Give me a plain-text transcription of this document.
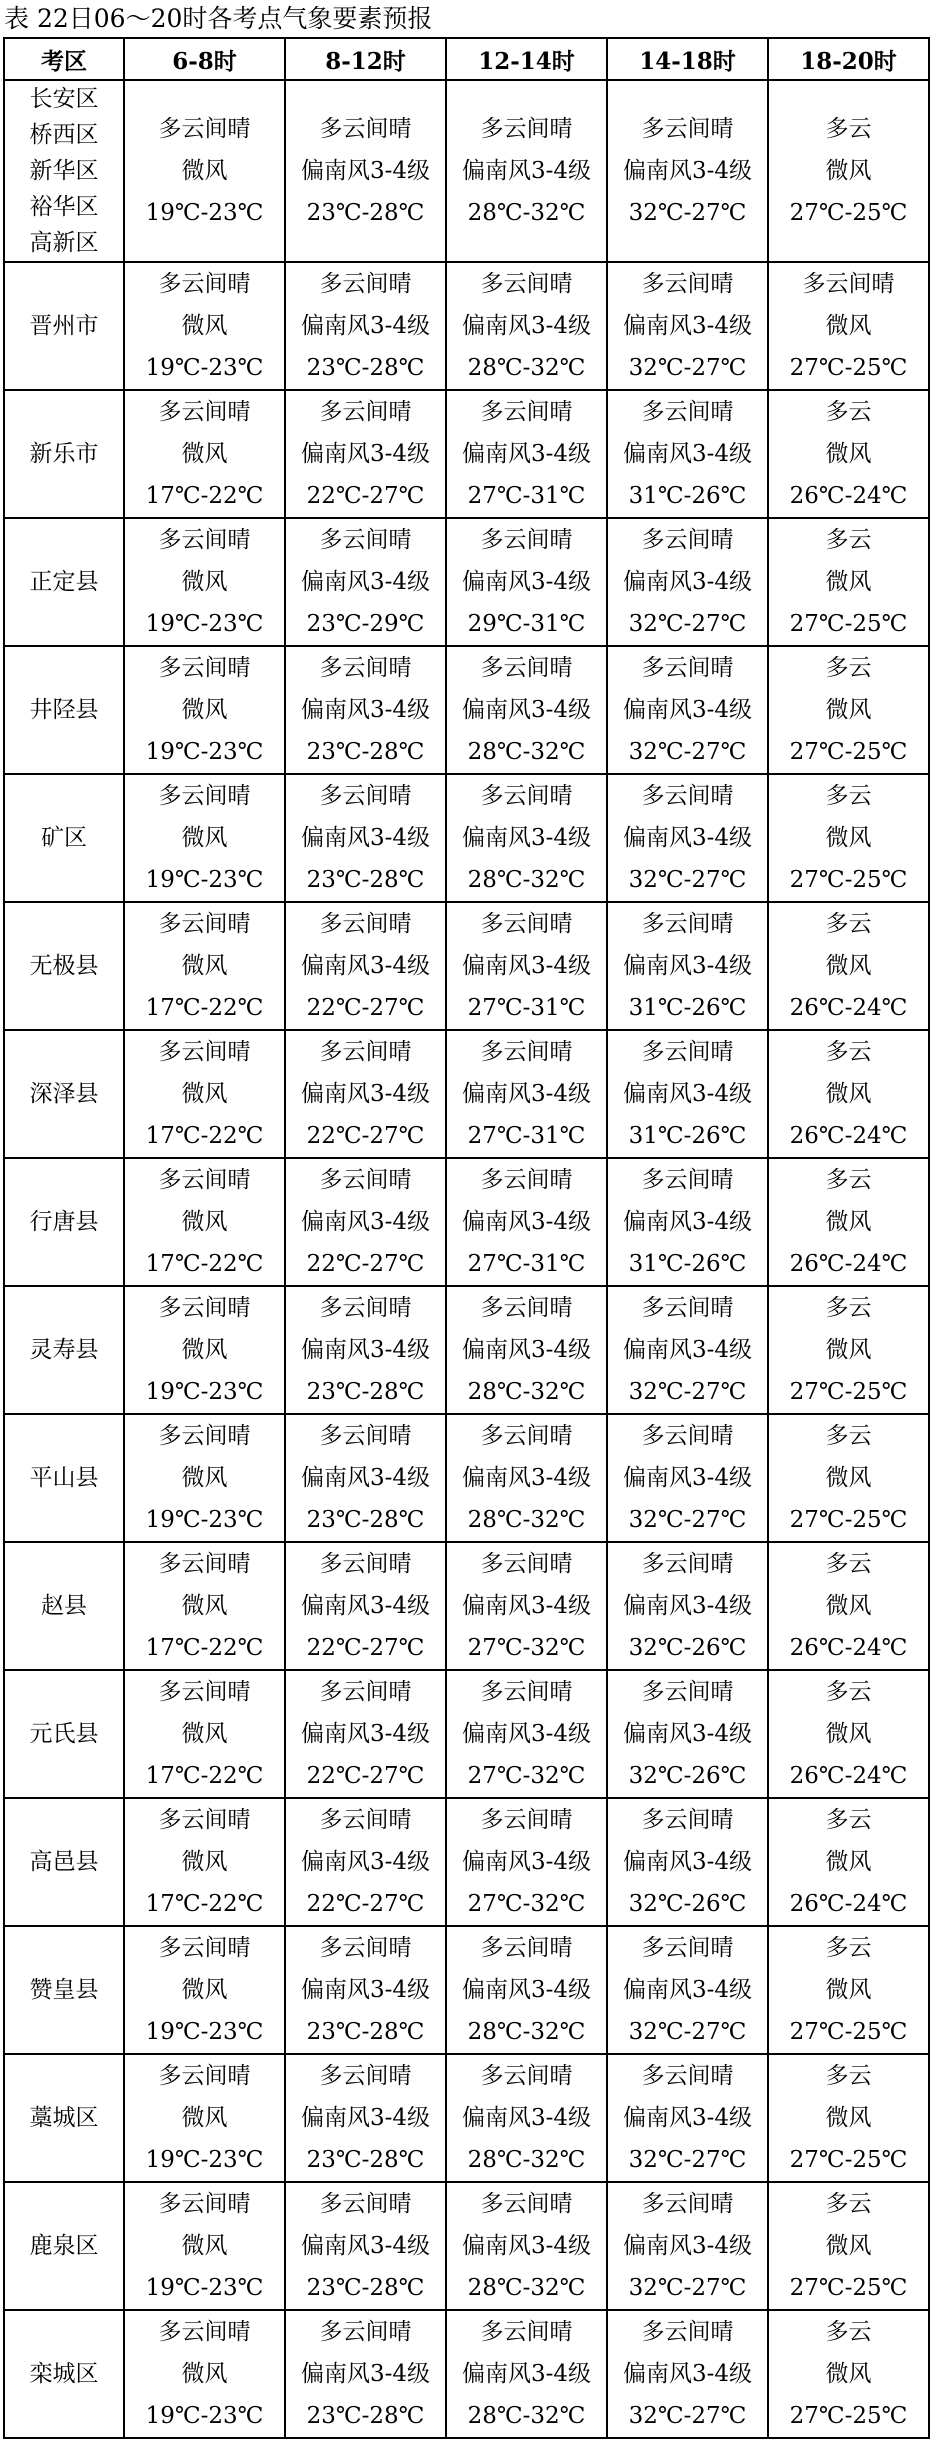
表 22日06～20时各考点气象要素预报
考区	6-8时	8-12时	12-14时	14-18时	18-20时

长安区
桥西区
新华区
裕华区
高新区	多云间晴
微风
19℃-23℃	多云间晴
偏南风3-4级
23℃-28℃	多云间晴
偏南风3-4级
28℃-32℃	多云间晴
偏南风3-4级
32℃-27℃	多云
微风
27℃-25℃

晋州市	多云间晴
微风
19℃-23℃	多云间晴
偏南风3-4级
23℃-28℃	多云间晴
偏南风3-4级
28℃-32℃	多云间晴
偏南风3-4级
32℃-27℃	多云间晴
微风
27℃-25℃

新乐市	多云间晴
微风
17℃-22℃	多云间晴
偏南风3-4级
22℃-27℃	多云间晴
偏南风3-4级
27℃-31℃	多云间晴
偏南风3-4级
31℃-26℃	多云
微风
26℃-24℃

正定县	多云间晴
微风
19℃-23℃	多云间晴
偏南风3-4级
23℃-29℃	多云间晴
偏南风3-4级
29℃-31℃	多云间晴
偏南风3-4级
32℃-27℃	多云
微风
27℃-25℃

井陉县	多云间晴
微风
19℃-23℃	多云间晴
偏南风3-4级
23℃-28℃	多云间晴
偏南风3-4级
28℃-32℃	多云间晴
偏南风3-4级
32℃-27℃	多云
微风
27℃-25℃

矿区	多云间晴
微风
19℃-23℃	多云间晴
偏南风3-4级
23℃-28℃	多云间晴
偏南风3-4级
28℃-32℃	多云间晴
偏南风3-4级
32℃-27℃	多云
微风
27℃-25℃

无极县	多云间晴
微风
17℃-22℃	多云间晴
偏南风3-4级
22℃-27℃	多云间晴
偏南风3-4级
27℃-31℃	多云间晴
偏南风3-4级
31℃-26℃	多云
微风
26℃-24℃

深泽县	多云间晴
微风
17℃-22℃	多云间晴
偏南风3-4级
22℃-27℃	多云间晴
偏南风3-4级
27℃-31℃	多云间晴
偏南风3-4级
31℃-26℃	多云
微风
26℃-24℃

行唐县	多云间晴
微风
17℃-22℃	多云间晴
偏南风3-4级
22℃-27℃	多云间晴
偏南风3-4级
27℃-31℃	多云间晴
偏南风3-4级
31℃-26℃	多云
微风
26℃-24℃

灵寿县	多云间晴
微风
19℃-23℃	多云间晴
偏南风3-4级
23℃-28℃	多云间晴
偏南风3-4级
28℃-32℃	多云间晴
偏南风3-4级
32℃-27℃	多云
微风
27℃-25℃

平山县	多云间晴
微风
19℃-23℃	多云间晴
偏南风3-4级
23℃-28℃	多云间晴
偏南风3-4级
28℃-32℃	多云间晴
偏南风3-4级
32℃-27℃	多云
微风
27℃-25℃

赵县	多云间晴
微风
17℃-22℃	多云间晴
偏南风3-4级
22℃-27℃	多云间晴
偏南风3-4级
27℃-32℃	多云间晴
偏南风3-4级
32℃-26℃	多云
微风
26℃-24℃

元氏县	多云间晴
微风
17℃-22℃	多云间晴
偏南风3-4级
22℃-27℃	多云间晴
偏南风3-4级
27℃-32℃	多云间晴
偏南风3-4级
32℃-26℃	多云
微风
26℃-24℃

高邑县	多云间晴
微风
17℃-22℃	多云间晴
偏南风3-4级
22℃-27℃	多云间晴
偏南风3-4级
27℃-32℃	多云间晴
偏南风3-4级
32℃-26℃	多云
微风
26℃-24℃

赞皇县	多云间晴
微风
19℃-23℃	多云间晴
偏南风3-4级
23℃-28℃	多云间晴
偏南风3-4级
28℃-32℃	多云间晴
偏南风3-4级
32℃-27℃	多云
微风
27℃-25℃

藁城区	多云间晴
微风
19℃-23℃	多云间晴
偏南风3-4级
23℃-28℃	多云间晴
偏南风3-4级
28℃-32℃	多云间晴
偏南风3-4级
32℃-27℃	多云
微风
27℃-25℃

鹿泉区	多云间晴
微风
19℃-23℃	多云间晴
偏南风3-4级
23℃-28℃	多云间晴
偏南风3-4级
28℃-32℃	多云间晴
偏南风3-4级
32℃-27℃	多云
微风
27℃-25℃

栾城区	多云间晴
微风
19℃-23℃	多云间晴
偏南风3-4级
23℃-28℃	多云间晴
偏南风3-4级
28℃-32℃	多云间晴
偏南风3-4级
32℃-27℃	多云
微风
27℃-25℃
